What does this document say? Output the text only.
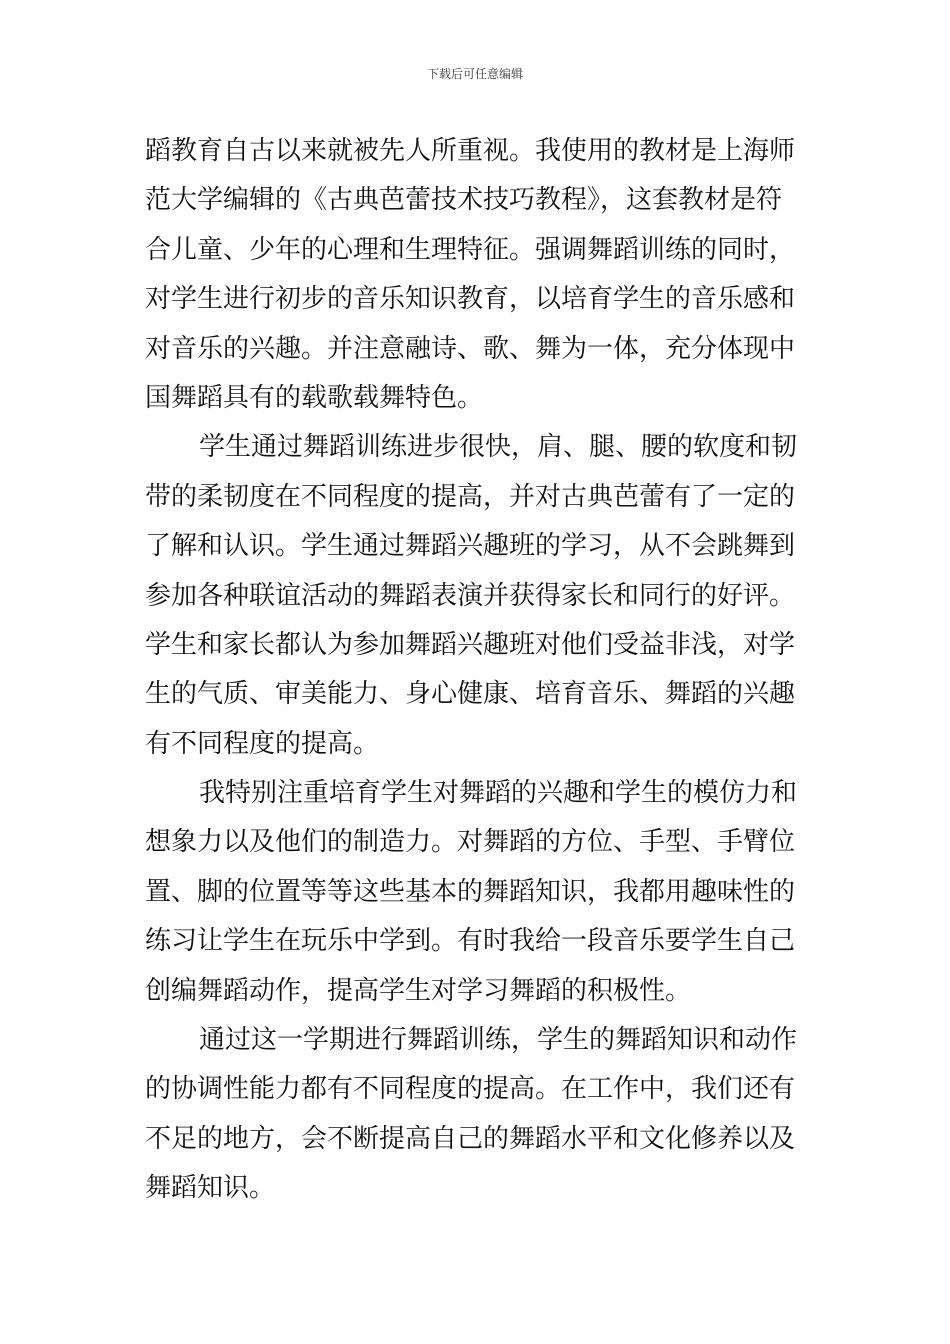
下载后可任意编辑
蹈教育自古以来就被先人所重视。我使用的教材是上海师
范大学编辑的《古典芭蕾技术技巧教程》，这套教材是符
合儿童、少年的心理和生理特征。强调舞蹈训练的同时，
对学生进行初步的音乐知识教育，以培育学生的音乐感和
对音乐的兴趣。并注意融诗、歌、舞为一体，充分体现中
国舞蹈具有的载歌载舞特色。
学生通过舞蹈训练进步很快，肩、腿、腰的软度和韧
带的柔韧度在不同程度的提高，并对古典芭蕾有了一定的
了解和认识。学生通过舞蹈兴趣班的学习，从不会跳舞到
参加各种联谊活动的舞蹈表演并获得家长和同行的好评。
学生和家长都认为参加舞蹈兴趣班对他们受益非浅，对学
生的气质、审美能力、身心健康、培育音乐、舞蹈的兴趣
有不同程度的提高。
我特别注重培育学生对舞蹈的兴趣和学生的模仿力和
想象力以及他们的制造力。对舞蹈的方位、手型、手臂位
置、脚的位置等等这些基本的舞蹈知识，我都用趣味性的
练习让学生在玩乐中学到。有时我给一段音乐要学生自己
创编舞蹈动作，提高学生对学习舞蹈的积极性。
通过这一学期进行舞蹈训练，学生的舞蹈知识和动作
的协调性能力都有不同程度的提高。在工作中，我们还有
不足的地方，会不断提高自己的舞蹈水平和文化修养以及
舞蹈知识。
